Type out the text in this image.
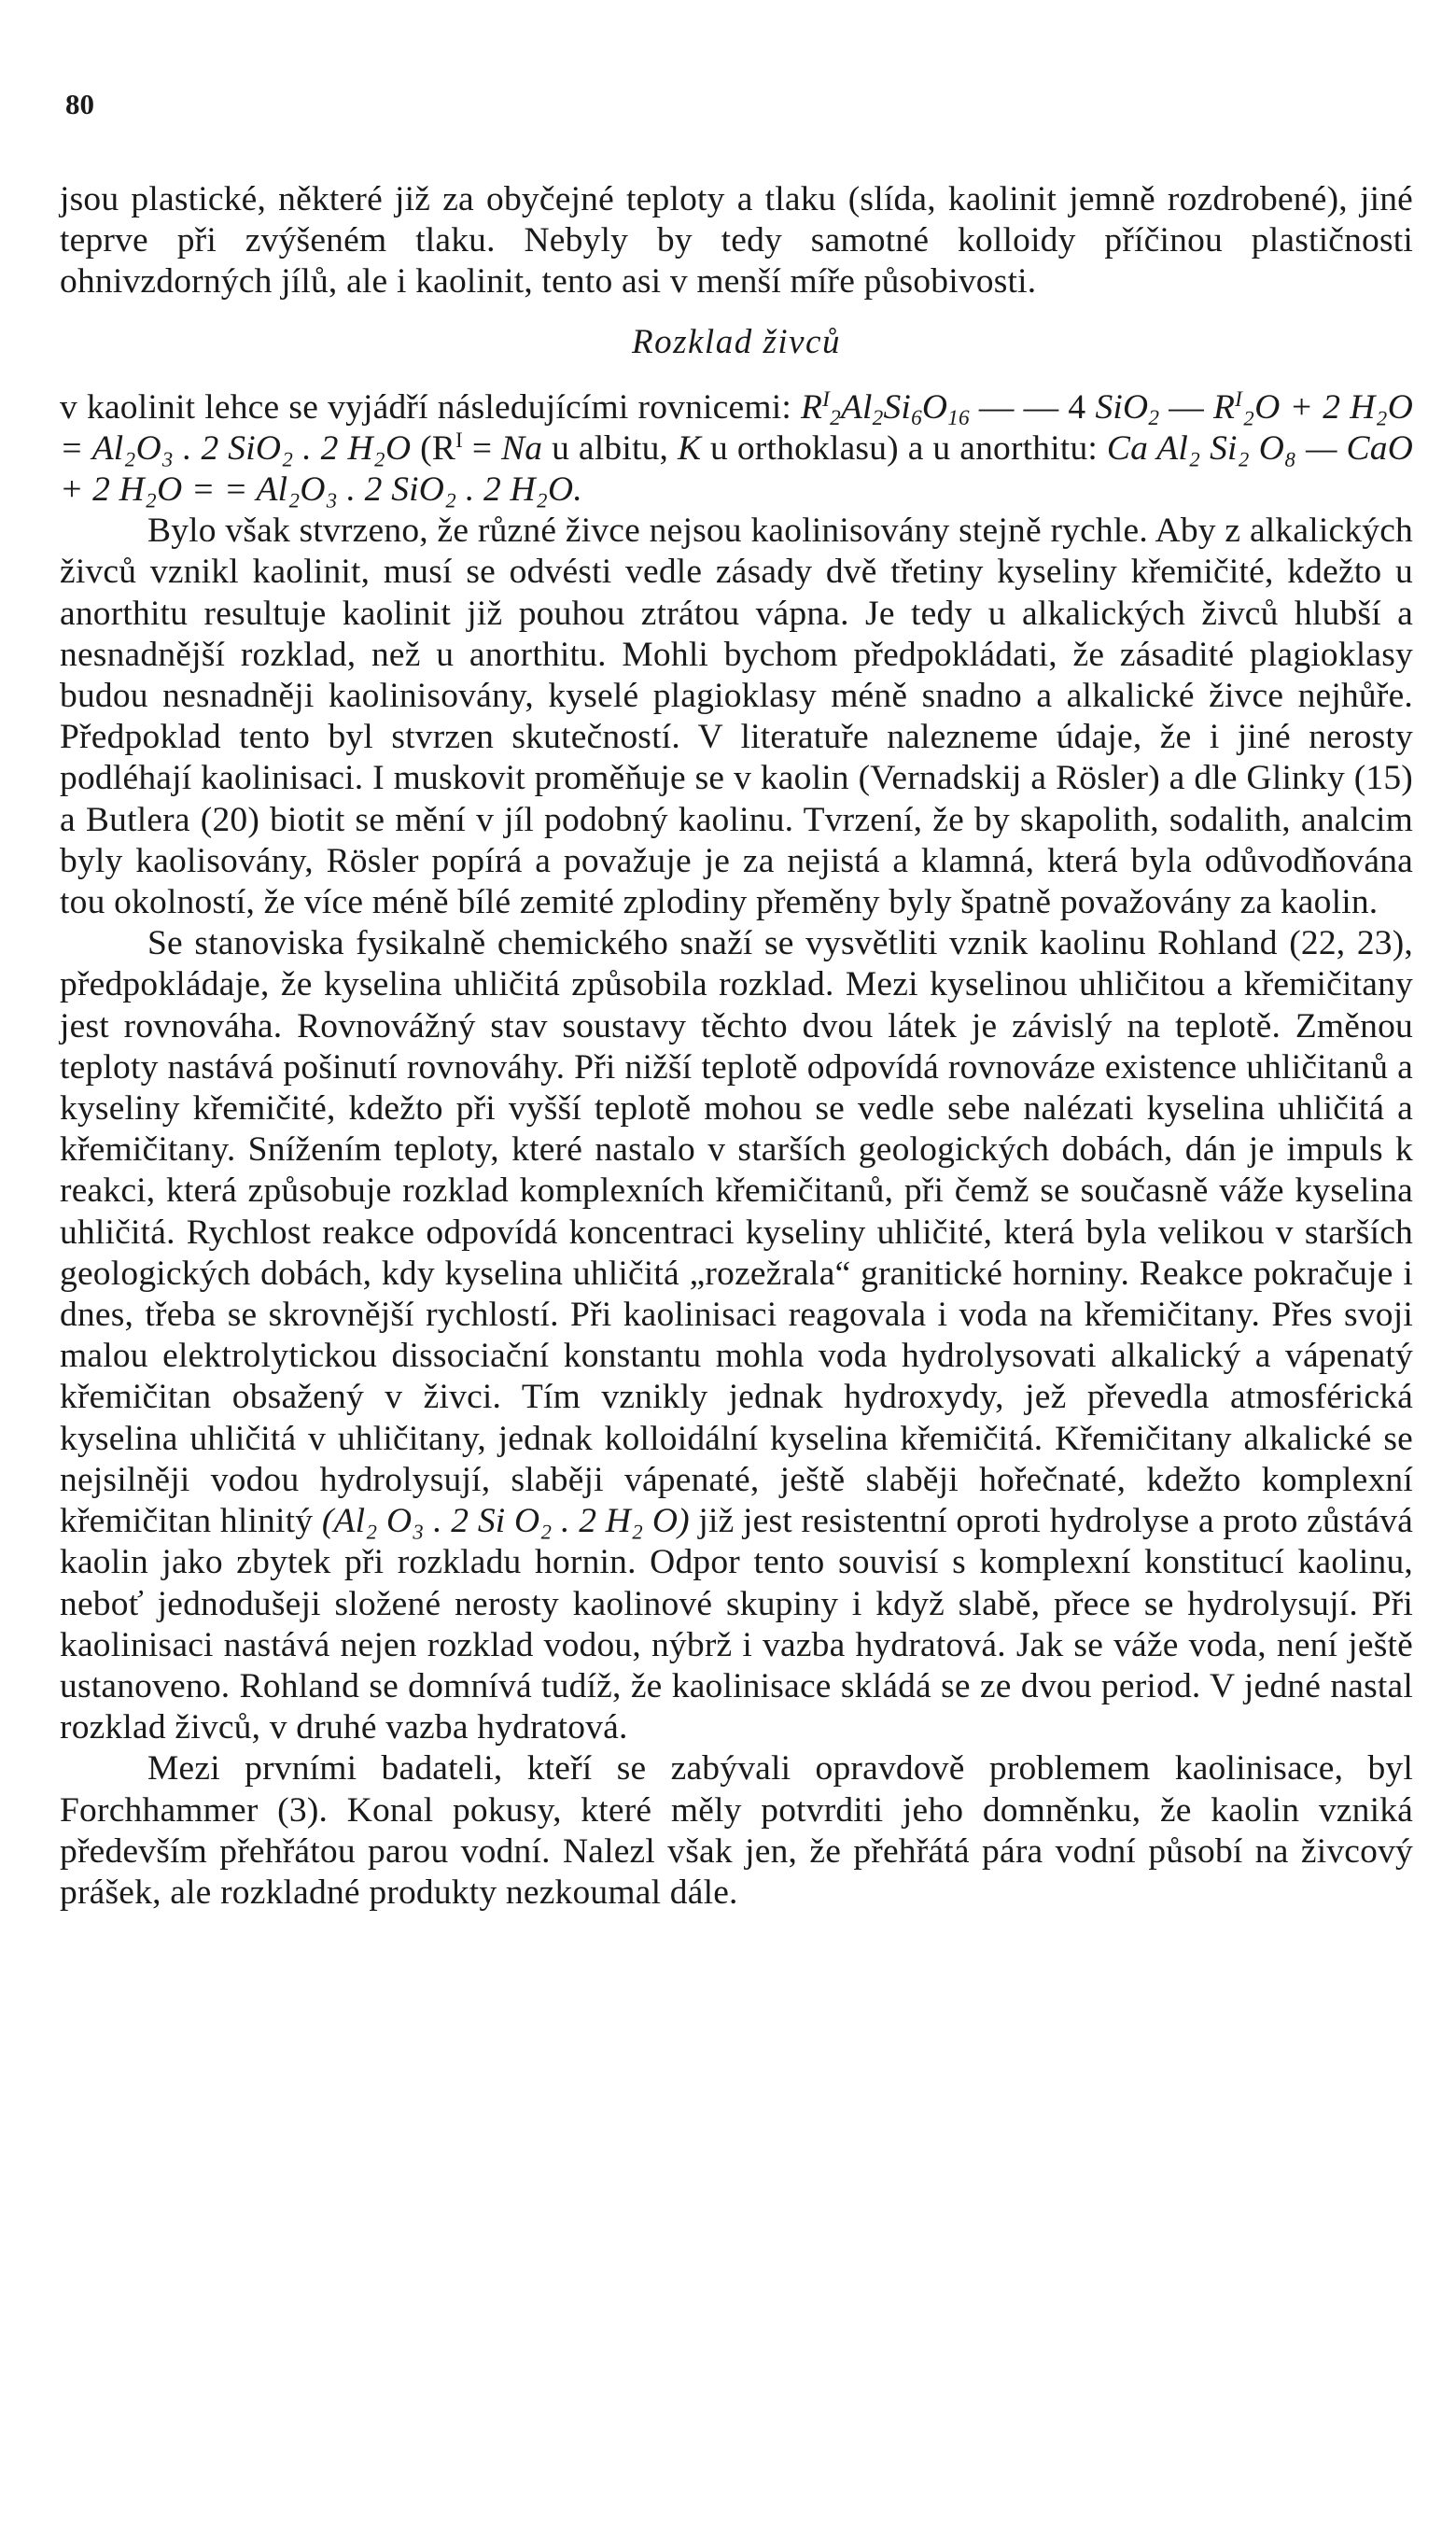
80

jsou plastické, některé již za obyčejné teploty a tlaku (slída, kaolinit jemně rozdrobené), jiné teprve při zvýšeném tlaku. Nebyly by tedy samotné kolloidy příčinou plastičnosti ohnivzdorných jílů, ale i kaolinit, tento asi v menší míře působivosti.

Rozklad živců

v kaolinit lehce se vyjádří následujícími rovnicemi: $R^I_2Al_2Si_6O_{16}$ — — 4 SiO$_2$ — $R^I_2O + 2$ H₂O = Al₂O₃ . 2 SiO₂ . 2 H₂O ($R^I = Na$ u albitu, K u orthoklasu) a u anorthitu: Ca Al₂ Si₂ O₈ — CaO + 2 H₂O = = Al₂O₃ . 2 SiO₂ . 2 H₂O.

Bylo však stvrzeno, že různé živce nejsou kaolinisovány stejně rychle. Aby z alkalických živců vznikl kaolinit, musí se odvésti vedle zásady dvě třetiny kyseliny křemičité, kdežto u anorthitu resultuje kaolinit již pouhou ztrátou vápna. Je tedy u alkalických živců hlubší a nesnadnější rozklad, než u anorthitu. Mohli bychom předpokládati, že zásadité plagioklasy budou nesnadněji kaolinisovány, kyselé plagioklasy méně snadno a alkalické živce nejhůře. Předpoklad tento byl stvrzen skutečností. V literatuře nalezneme údaje, že i jiné nerosty podléhají kaolinisaci. I muskovit proměňuje se v kaolin (Vernadskij a Rösler) a dle Glinky (15) a Butlera (20) biotit se mění v jíl podobný kaolinu. Tvrzení, že by skapolith, sodalith, analcim byly kaolisovány, Rösler popírá a považuje je za nejistá a klamná, která byla odůvodňována tou okolností, že více méně bílé zemité zplodiny přeměny byly špatně považovány za kaolin.

Se stanoviska fysikalně chemického snaží se vysvětliti vznik kaolinu Rohland (22, 23), předpokládaje, že kyselina uhličitá způsobila rozklad. Mezi kyselinou uhličitou a křemičitany jest rovnováha. Rovnovážný stav soustavy těchto dvou látek je závislý na teplotě. Změnou teploty nastává pošinutí rovnováhy. Při nižší teplotě odpovídá rovnováze existence uhličitanů a kyseliny křemičité, kdežto při vyšší teplotě mohou se vedle sebe nalézati kyselina uhličitá a křemičitany. Snížením teploty, které nastalo v starších geologických dobách, dán je impuls k reakci, která způsobuje rozklad komplexních křemičitanů, při čemž se současně váže kyselina uhličitá. Rychlost reakce odpovídá koncentraci kyseliny uhličité, která byla velikou v starších geologických dobách, kdy kyselina uhličitá „rozežrala“ granitické horniny. Reakce pokračuje i dnes, třeba se skrovnější rychlostí. Při kaolinisaci reagovala i voda na křemičitany. Přes svoji malou elektrolytickou dissociační konstantu mohla voda hydrolysovati alkalický a vápenatý křemičitan obsažený v živci. Tím vznikly jednak hydroxydy, jež převedla atmosférická kyselina uhličitá v uhličitany, jednak kolloidální kyselina křemičitá. Křemičitany alkalické se nejsilněji vodou hydrolysují, slaběji vápenaté, ještě slaběji hořečnaté, kdežto komplexní křemičitan hlinitý (Al₂ O₃ . 2 Si O₂ . 2 H₂ O) již jest resistentní oproti hydrolyse a proto zůstává kaolin jako zbytek při rozkladu hornin. Odpor tento souvisí s komplexní konstitucí kaolinu, neboť jednodušeji složené nerosty kaolinové skupiny i když slabě, přece se hydrolysují. Při kaolinisaci nastává nejen rozklad vodou, nýbrž i vazba hydratová. Jak se váže voda, není ještě ustanoveno. Rohland se domnívá tudíž, že kaolinisace skládá se ze dvou period. V jedné nastal rozklad živců, v druhé vazba hydratová.

Mezi prvními badateli, kteří se zabývali opravdově problemem kaolinisace, byl Forchhammer (3). Konal pokusy, které měly potvrditi jeho domněnku, že kaolin vzniká především přehřátou parou vodní. Nalezl však jen, že přehřátá pára vodní působí na živcový prášek, ale rozkladné produkty nezkoumal dále.
